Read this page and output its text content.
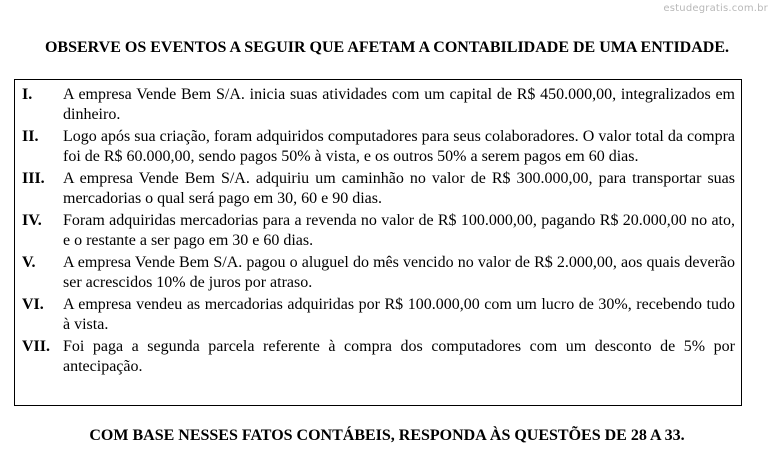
estudegratis.com.br
OBSERVE OS EVENTOS A SEGUIR QUE AFETAM A CONTABILIDADE DE UMA ENTIDADE.
I.	A empresa Vende Bem S/A. inicia suas atividades com um capital de R$ 450.000,00, integralizados em dinheiro.
II.	Logo após sua criação, foram adquiridos computadores para seus colaboradores. O valor total da compra foi de R$ 60.000,00, sendo pagos 50% à vista, e os outros 50% a serem pagos em 60 dias.
III.	A empresa Vende Bem S/A. adquiriu um caminhão no valor de R$ 300.000,00, para transportar suas mercadorias o qual será pago em 30, 60 e 90 dias.
IV.	Foram adquiridas mercadorias para a revenda no valor de R$ 100.000,00, pagando R$ 20.000,00 no ato, e o restante a ser pago em 30 e 60 dias.
V.	A empresa Vende Bem S/A. pagou o aluguel do mês vencido no valor de R$ 2.000,00, aos quais deverão ser acrescidos 10% de juros por atraso.
VI.	A empresa vendeu as mercadorias adquiridas por R$ 100.000,00 com um lucro de 30%, recebendo tudo à vista.
VII. Foi paga a segunda parcela referente à compra dos computadores com um desconto de 5% por antecipação.
COM BASE NESSES FATOS CONTÁBEIS, RESPONDA ÀS QUESTÕES DE 28 A 33.
